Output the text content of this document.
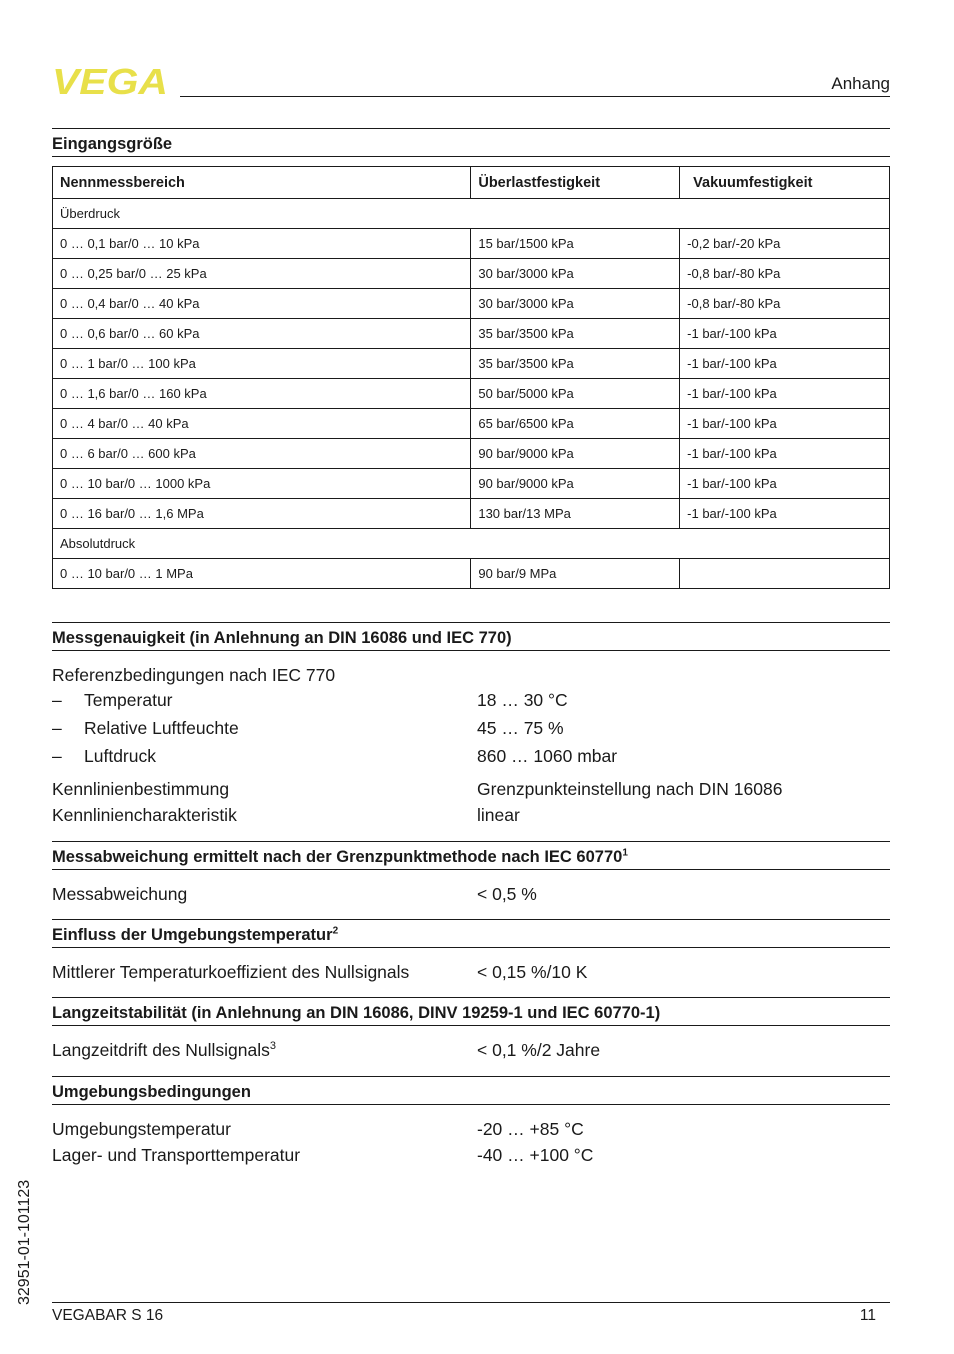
VEGA	Anhang
Eingangsgröße
Nennmessbereich	Überlastfestigkeit	Vakuumfestigkeit
Überdruck		
0 … 0,1 bar/0 … 10 kPa	15 bar/1500 kPa	-0,2 bar/-20 kPa
0 … 0,25 bar/0 … 25 kPa	30 bar/3000 kPa	-0,8 bar/-80 kPa
0 … 0,4 bar/0 … 40 kPa	30 bar/3000 kPa	-0,8 bar/-80 kPa
0 … 0,6 bar/0 … 60 kPa	35 bar/3500 kPa	-1 bar/-100 kPa
0 … 1 bar/0 … 100 kPa	35 bar/3500 kPa	-1 bar/-100 kPa
0 … 1,6 bar/0 … 160 kPa	50 bar/5000 kPa	-1 bar/-100 kPa
0 … 4 bar/0 … 40 kPa	65 bar/6500 kPa	-1 bar/-100 kPa
0 … 6 bar/0 … 600 kPa	90 bar/9000 kPa	-1 bar/-100 kPa
0 … 10 bar/0 … 1000 kPa	90 bar/9000 kPa	-1 bar/-100 kPa
0 … 16 bar/0 … 1,6 MPa	130 bar/13 MPa	-1 bar/-100 kPa
Absolutdruck		
0 … 10 bar/0 … 1 MPa	90 bar/9 MPa	
Messgenauigkeit (in Anlehnung an DIN 16086 und IEC 770)
Referenzbedingungen nach IEC 770
– Temperatur	18 … 30 °C
– Relative Luftfeuchte	45 … 75 %
– Luftdruck	860 … 1060 mbar
Kennlinienbestimmung	Grenzpunkteinstellung nach DIN 16086
Kennliniencharakteristik	linear
Messabweichung ermittelt nach der Grenzpunktmethode nach IEC 60770$^1$
Messabweichung	< 0,5 %
Einfluss der Umgebungstemperatur$^2$
Mittlerer Temperaturkoeffizient des Nullsignals	< 0,15 %/10 K
Langzeitstabilität (in Anlehnung an DIN 16086, DINV 19259-1 und IEC 60770-1)
Langzeitdrift des Nullsignals$^3$	< 0,1 %/2 Jahre
Umgebungsbedingungen
Umgebungstemperatur	-20 … +85 °C
Lager- und Transporttemperatur	-40 … +100 °C
32951-01-101123
VEGABAR S 16	11
